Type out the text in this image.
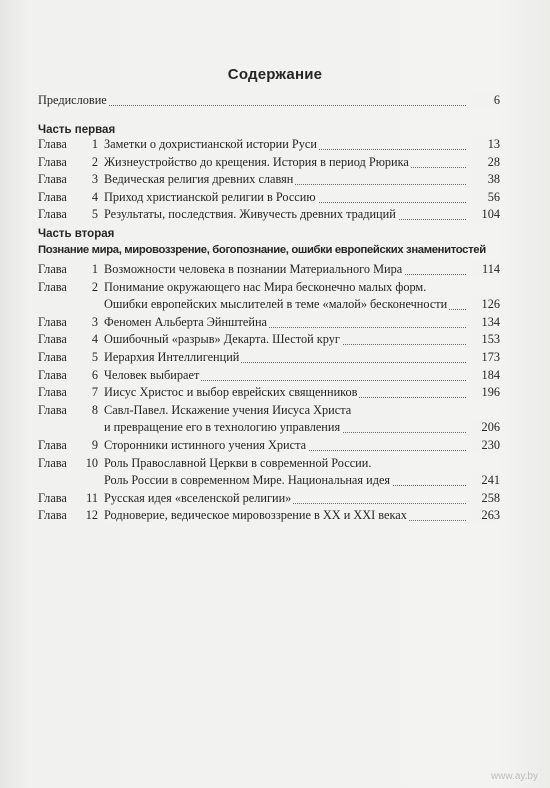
Содержание
Предисловие	6
Часть первая
Глава 1 Заметки о дохристианской истории Руси	13
Глава 2 Жизнеустройство до крещения. История в период Рюрика	28
Глава 3 Ведическая религия древних славян	38
Глава 4 Приход христианской религии в Россию	56
Глава 5 Результаты, последствия. Живучесть древних традиций	104
Часть вторая
Познание мира, мировоззрение, богопознание, ошибки европейских знаменитостей
Глава 1 Возможности человека в познании Материального Мира	114
Глава 2 Понимание окружающего нас Мира бесконечно малых форм.
Ошибки европейских мыслителей в теме «малой» бесконечности	126
Глава 3 Феномен Альберта Эйнштейна	134
Глава 4 Ошибочный «разрыв» Декарта. Шестой круг	153
Глава 5 Иерархия Интеллигенций	173
Глава 6 Человек выбирает	184
Глава 7 Иисус Христос и выбор еврейских священников	196
Глава 8 Савл-Павел. Искажение учения Иисуса Христа
и превращение его в технологию управления	206
Глава 9 Сторонники истинного учения Христа	230
Глава 10 Роль Православной Церкви в современной России.
Роль России в современном Мире. Национальная идея	241
Глава 11 Русская идея «вселенской религии»	258
Глава 12 Родноверие, ведическое мировоззрение в XX и XXI веках	263
www.ay.by
